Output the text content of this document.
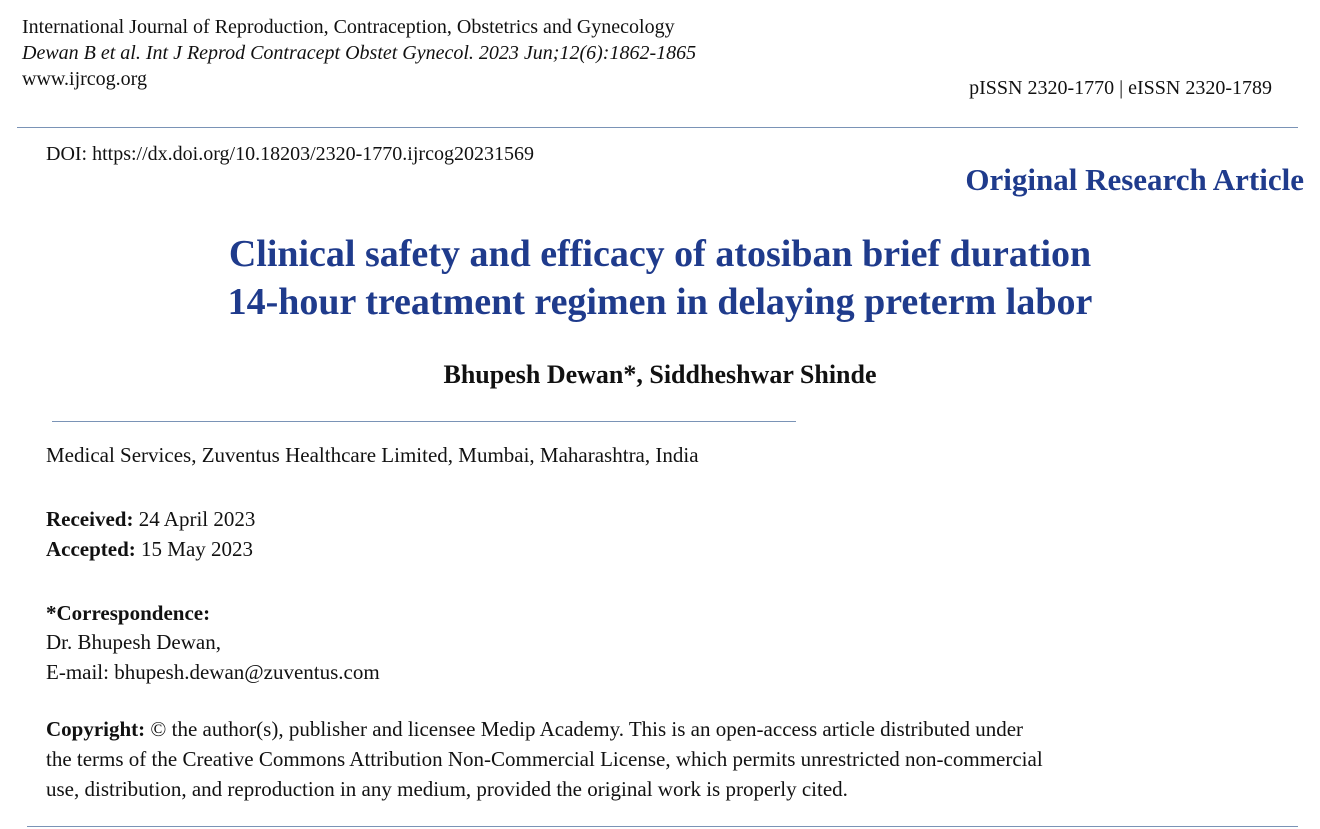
International Journal of Reproduction, Contraception, Obstetrics and Gynecology
Dewan B et al. Int J Reprod Contracept Obstet Gynecol. 2023 Jun;12(6):1862-1865
www.ijrcog.org	pISSN 2320-1770 | eISSN 2320-1789
DOI: https://dx.doi.org/10.18203/2320-1770.ijrcog20231569
Original Research Article
Clinical safety and efficacy of atosiban brief duration
14-hour treatment regimen in delaying preterm labor
Bhupesh Dewan*, Siddheshwar Shinde
Medical Services, Zuventus Healthcare Limited, Mumbai, Maharashtra, India
Received: 24 April 2023
Accepted: 15 May 2023
*Correspondence:
Dr. Bhupesh Dewan,
E-mail: bhupesh.dewan@zuventus.com
Copyright: © the author(s), publisher and licensee Medip Academy. This is an open-access article distributed under
the terms of the Creative Commons Attribution Non-Commercial License, which permits unrestricted non-commercial
use, distribution, and reproduction in any medium, provided the original work is properly cited.
